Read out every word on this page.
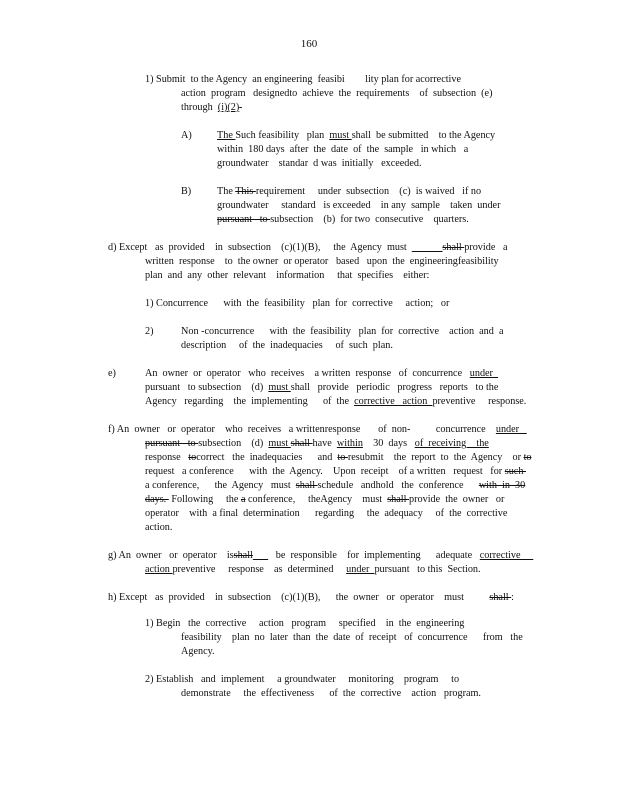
160
1) Submit  to the Agency  an engineering  feasibi        lity plan for acorrective
action  program   designedto  achieve  the  requirements    of  subsection  (e)
through  (i)(2)
A) The Such feasibility   plan  must shall  be submitted    to the Agency
within  180 days  after  the  date  of  the  sample   in which   a
groundwater    standar  d was  initially   exceeded.
B)	The This requirement     under  subsection    (c)  is waived   if no
groundwater     standard   is exceeded    in any  sample    taken  under
pursuant   to subsection    (b)  for two  consecutive    quarters.
d) Except   as  provided    in  subsection    (c)(1)(B),     the  Agency  must  ______shall provide   a
written  response    to  the owner  or operator   based   upon  the  engineeringfeasibility
plan  and  any  other  relevant    information     that  specifies    either:
1) Concurrence      with  the  feasibility   plan  for  corrective     action;   or
2)	Non -concurrence      with  the  feasibility   plan  for  corrective    action  and  a
description     of  the  inadequacies     of  such  plan.
e)	An  owner  or  operator   who  receives    a written  response   of  concurrence   under
pursuant   to subsection    (d)  must shall   provide   periodic   progress   reports   to the
Agency   regarding    the  implementing      of  the  corrective   action  preventive     response.
f) An  owner   or  operator    who  receives   a writtenresponse       of  non-          concurrence    under
pursuant   to subsection    (d)  must shall have  within    30  days   of  receiving    the
response   tocorrect   the  inadequacies      and  to resubmit    the  report  to  the  Agency    or to
request   a conference      with  the  Agency.    Upon  receipt    of a written   request   for such
a conference,      the  Agency   must  shall schedule   andhold   the  conference      with  in  30
days.  Following     the a conference,     theAgency    must  shall provide  the  owner   or
operator    with  a final  determination      regarding     the  adequacy     of  the  corrective
action.
g) An  owner   or  operator    isshall         be  responsible    for  implementing      adequate   corrective
action preventive     response    as  determined     under  pursuant   to this  Section.
h) Except   as  provided    in  subsection    (c)(1)(B),      the  owner   or  operator    must          shall :
1) Begin   the  corrective     action   program     specified    in  the  engineering
feasibility    plan  no  later  than  the  date  of  receipt   of  concurrence      from   the
Agency.
2) Establish   and  implement     a groundwater     monitoring    program     to
demonstrate     the  effectiveness      of  the  corrective    action   program.
